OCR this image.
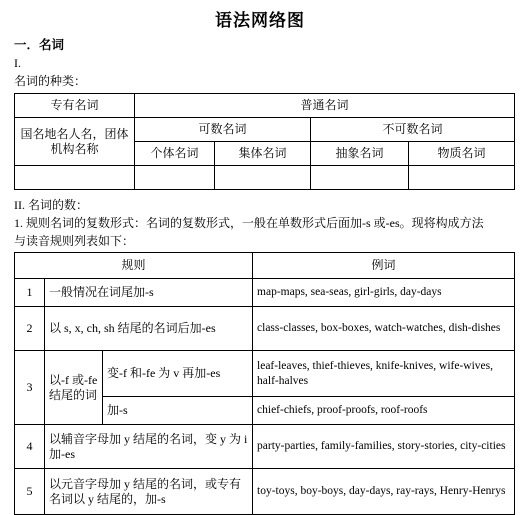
语法网络图
一．名词
I.
名词的种类：
专有名词	普通名词			
国名地名人名，团体机构名称	可数名词		不可数名词	
	个体名词	集体名词	抽象名词	物质名词

II. 名词的数：
1. 规则名词的复数形式：名词的复数形式，一般在单数形式后面加-s 或-es。现将构成方法
与读音规则列表如下：
规则			例词
1	一般情况在词尾加-s		map-maps, sea-seas, girl-girls, day-days
2	以 s, x, ch, sh 结尾的名词后加-es		class-classes, box-boxes, watch-watches, dish-dishes
3	以-f 或-fe 结尾的词	变-f 和-fe 为 v 再加-es	leaf-leaves, thief-thieves, knife-knives, wife-wives, half-halves
		加-s	chief-chiefs, proof-proofs, roof-roofs
4	以辅音字母加 y 结尾的名词，变 y 为 i 加-es		party-parties, family-families, story-stories, city-cities
5	以元音字母加 y 结尾的名词，或专有名词以 y 结尾的，加-s		toy-toys, boy-boys, day-days, ray-rays, Henry-Henrys
